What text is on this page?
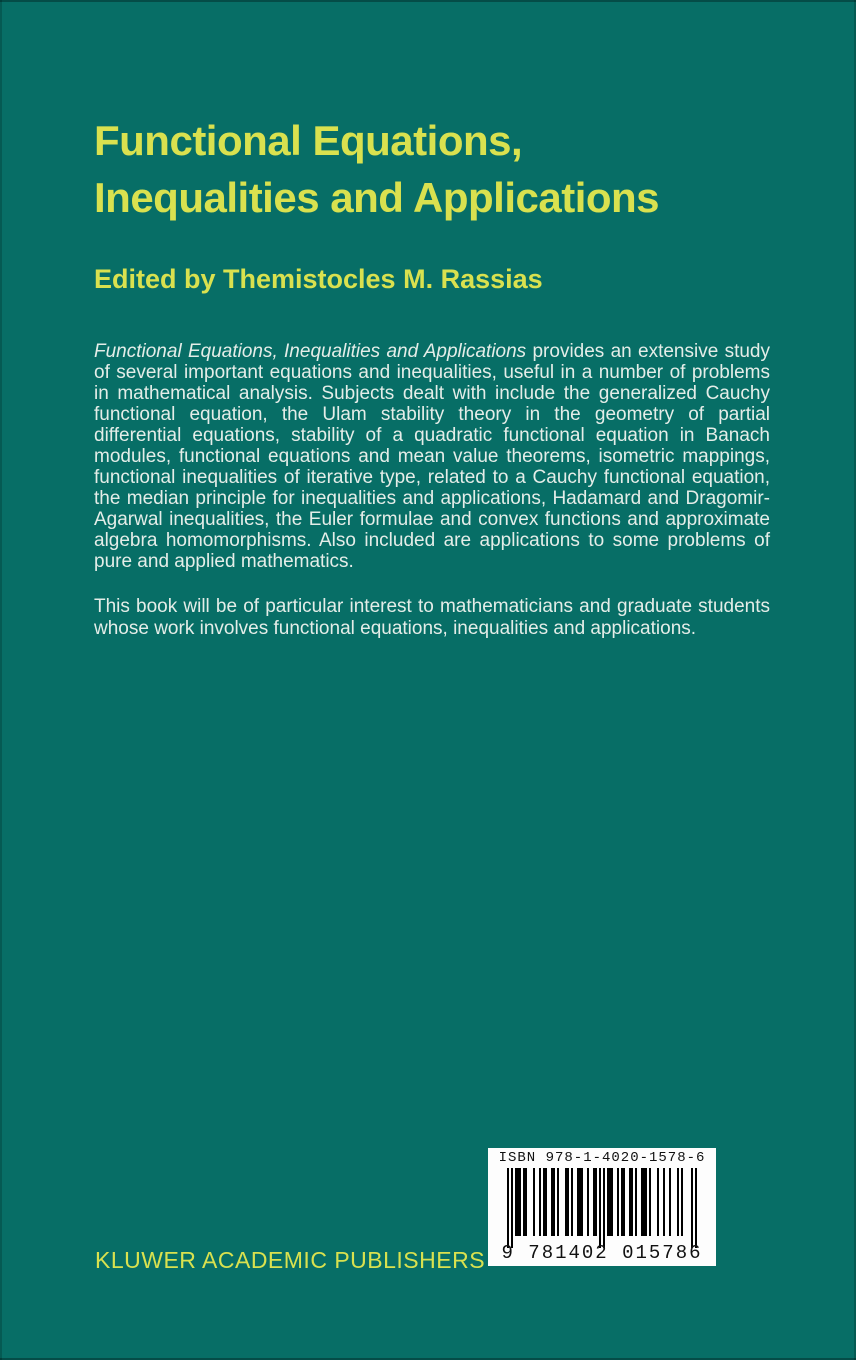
Functional Equations,
Inequalities and Applications
Edited by Themistocles M. Rassias

Functional Equations, Inequalities and Applications provides an extensive study of several important equations and inequalities, useful in a number of problems in mathematical analysis. Subjects dealt with include the generalized Cauchy functional equation, the Ulam stability theory in the geometry of partial differential equations, stability of a quadratic functional equation in Banach modules, functional equations and mean value theorems, isometric mappings, functional inequalities of iterative type, related to a Cauchy functional equation, the median principle for inequalities and applications, Hadamard and Dragomir-Agarwal inequalities, the Euler formulae and convex functions and approximate algebra homomorphisms. Also included are applications to some problems of pure and applied mathematics.

This book will be of particular interest to mathematicians and graduate students whose work involves functional equations, inequalities and applications.

KLUWER ACADEMIC PUBLISHERS
ISBN 978-1-4020-1578-6
9 781402 015786
